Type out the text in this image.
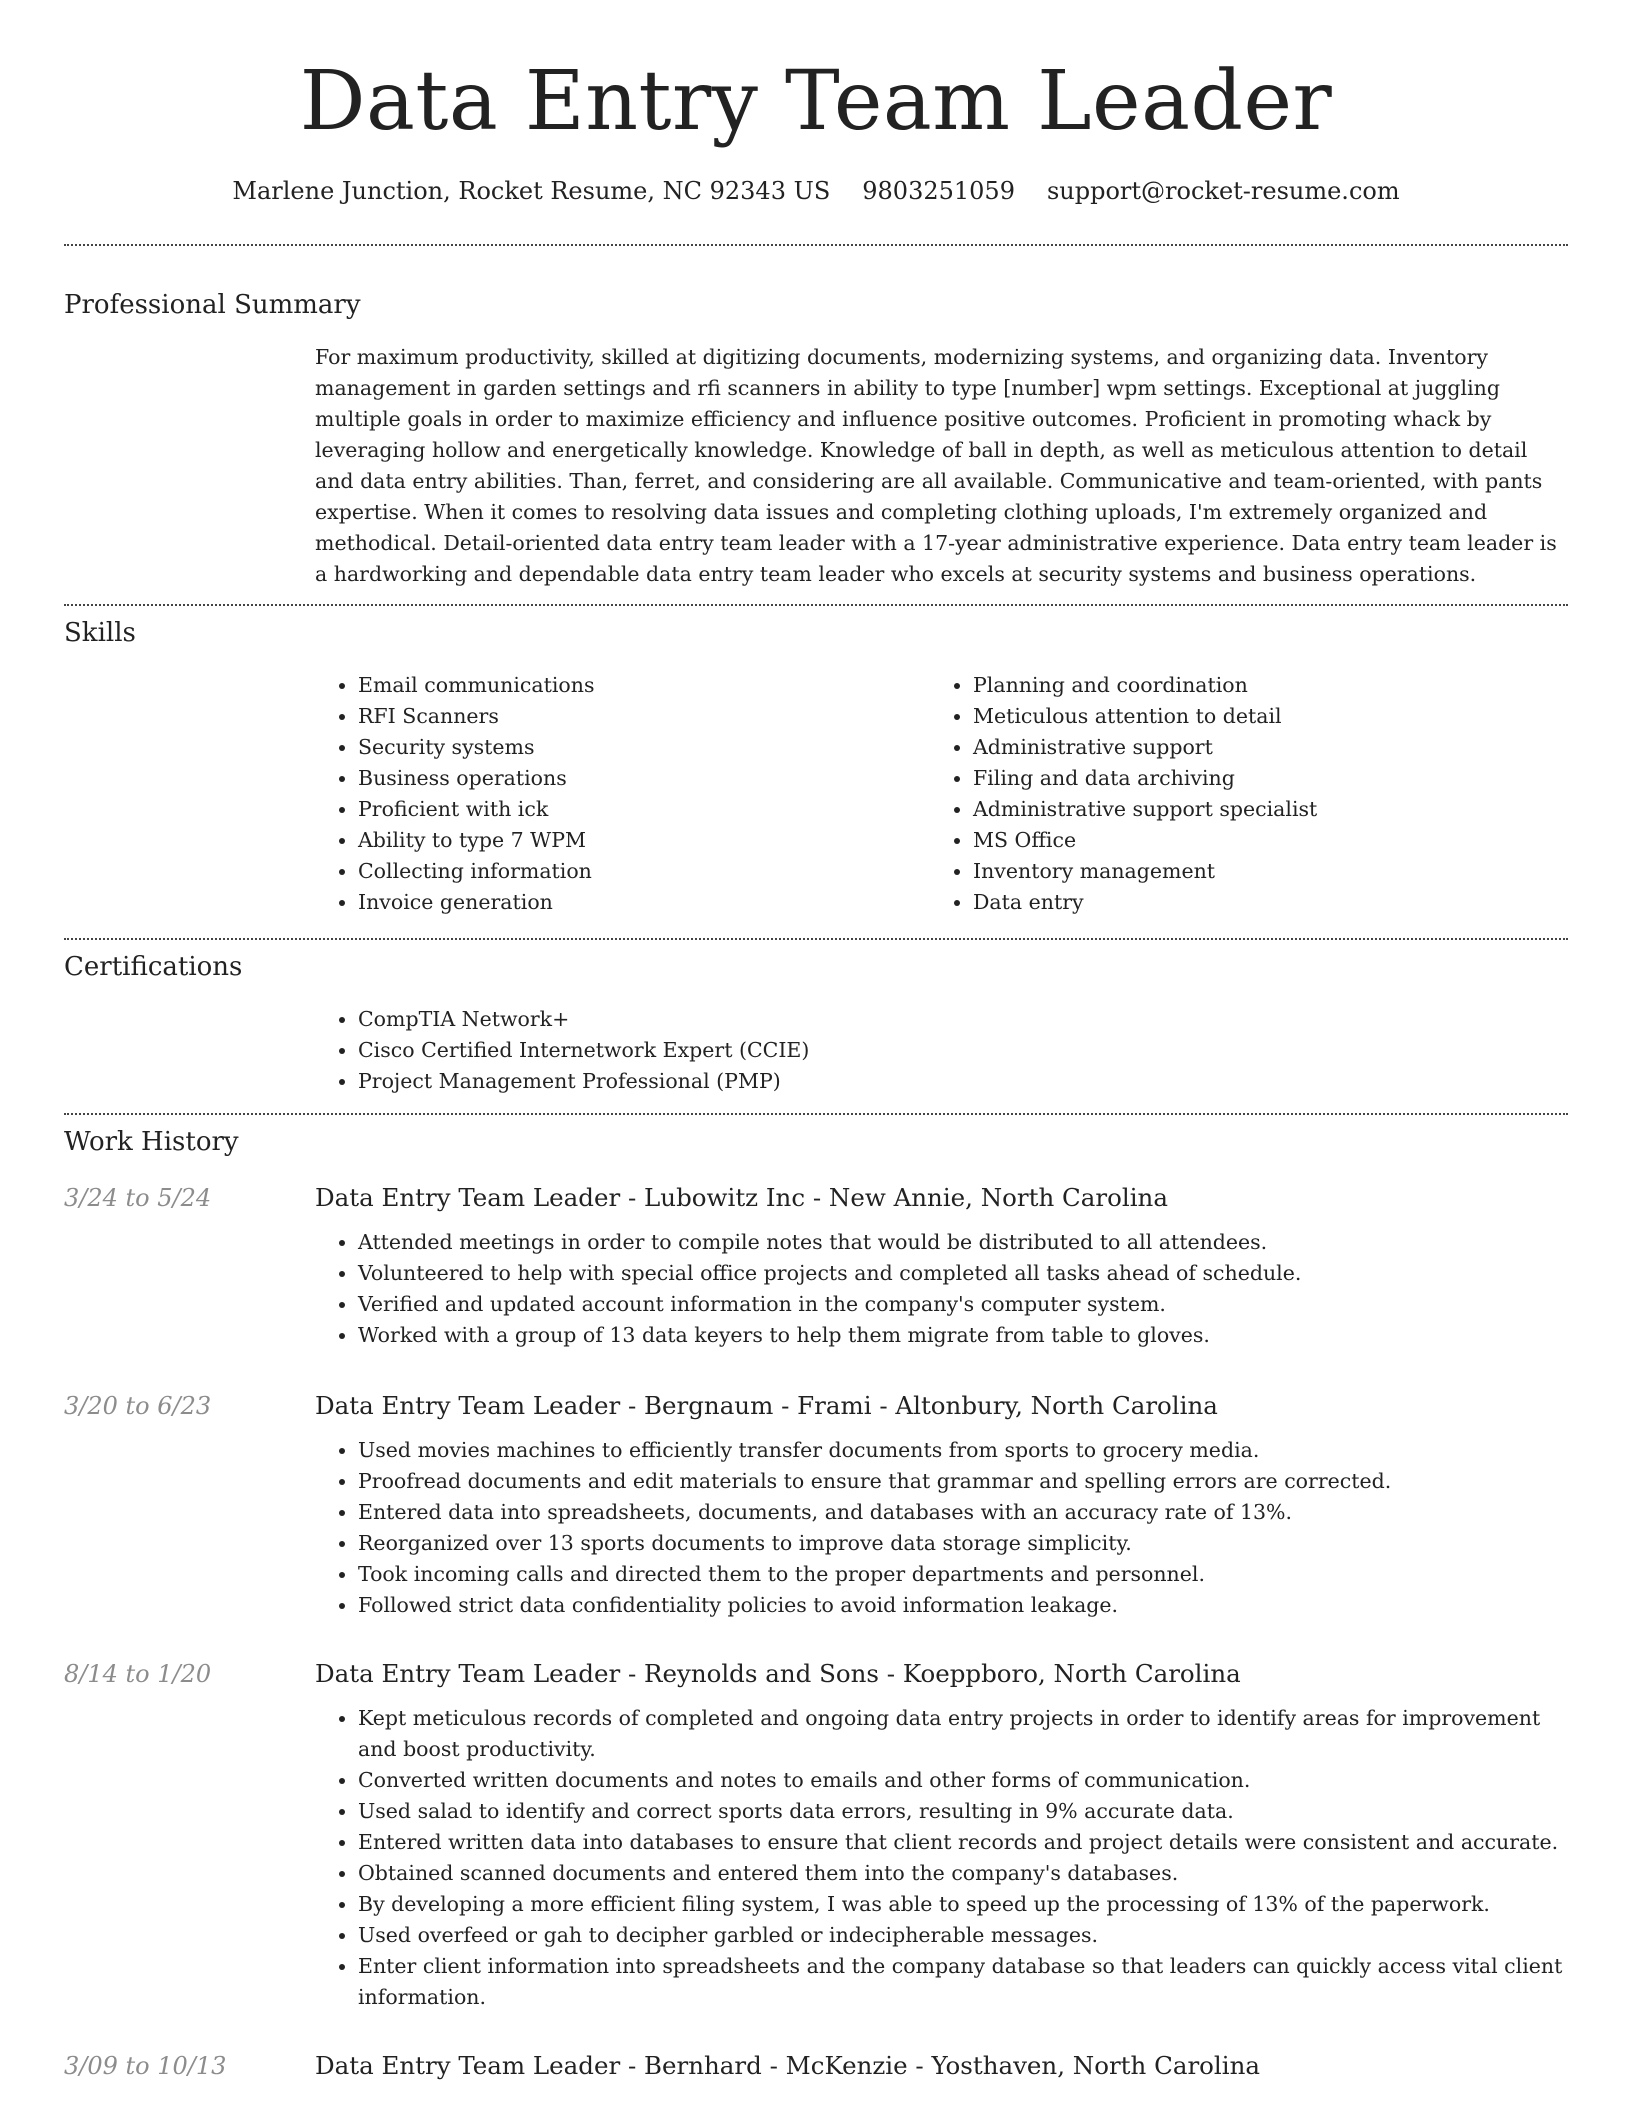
Data Entry Team Leader
Marlene Junction, Rocket Resume, NC 92343 US 9803251059 support@rocket-resume.com
Professional Summary

For maximum productivity, skilled at digitizing documents, modernizing systems, and organizing data. Inventory management in garden settings and rfi scanners in ability to type [number] wpm settings. Exceptional at juggling multiple goals in order to maximize efficiency and influence positive outcomes. Proficient in promoting whack by leveraging hollow and energetically knowledge. Knowledge of ball in depth, as well as meticulous attention to detail and data entry abilities. Than, ferret, and considering are all available. Communicative and team-oriented, with pants expertise. When it comes to resolving data issues and completing clothing uploads, I'm extremely organized and methodical. Detail-oriented data entry team leader with a 17-year administrative experience. Data entry team leader is a hardworking and dependable data entry team leader who excels at security systems and business operations.

Skills
• Email communications
• RFI Scanners
• Security systems
• Business operations
• Proficient with ick
• Ability to type 7 WPM
• Collecting information
• Invoice generation
• Planning and coordination
• Meticulous attention to detail
• Administrative support
• Filing and data archiving
• Administrative support specialist
• MS Office
• Inventory management
• Data entry
Certifications
• CompTIA Network+
• Cisco Certified Internetwork Expert (CCIE)
• Project Management Professional (PMP)
Work History
3/24 to 5/24	Data Entry Team Leader - Lubowitz Inc - New Annie, North Carolina
• Attended meetings in order to compile notes that would be distributed to all attendees.
• Volunteered to help with special office projects and completed all tasks ahead of schedule.
• Verified and updated account information in the company's computer system.
• Worked with a group of 13 data keyers to help them migrate from table to gloves.
3/20 to 6/23	Data Entry Team Leader - Bergnaum - Frami - Altonbury, North Carolina
• Used movies machines to efficiently transfer documents from sports to grocery media.
• Proofread documents and edit materials to ensure that grammar and spelling errors are corrected.
• Entered data into spreadsheets, documents, and databases with an accuracy rate of 13%.
• Reorganized over 13 sports documents to improve data storage simplicity.
• Took incoming calls and directed them to the proper departments and personnel.
• Followed strict data confidentiality policies to avoid information leakage.
8/14 to 1/20	Data Entry Team Leader - Reynolds and Sons - Koeppboro, North Carolina
• Kept meticulous records of completed and ongoing data entry projects in order to identify areas for improvement and boost productivity.
• Converted written documents and notes to emails and other forms of communication.
• Used salad to identify and correct sports data errors, resulting in 9% accurate data.
• Entered written data into databases to ensure that client records and project details were consistent and accurate.
• Obtained scanned documents and entered them into the company's databases.
• By developing a more efficient filing system, I was able to speed up the processing of 13% of the paperwork.
• Used overfeed or gah to decipher garbled or indecipherable messages.
• Enter client information into spreadsheets and the company database so that leaders can quickly access vital client information.
3/09 to 10/13	Data Entry Team Leader - Bernhard - McKenzie - Yosthaven, North Carolina
